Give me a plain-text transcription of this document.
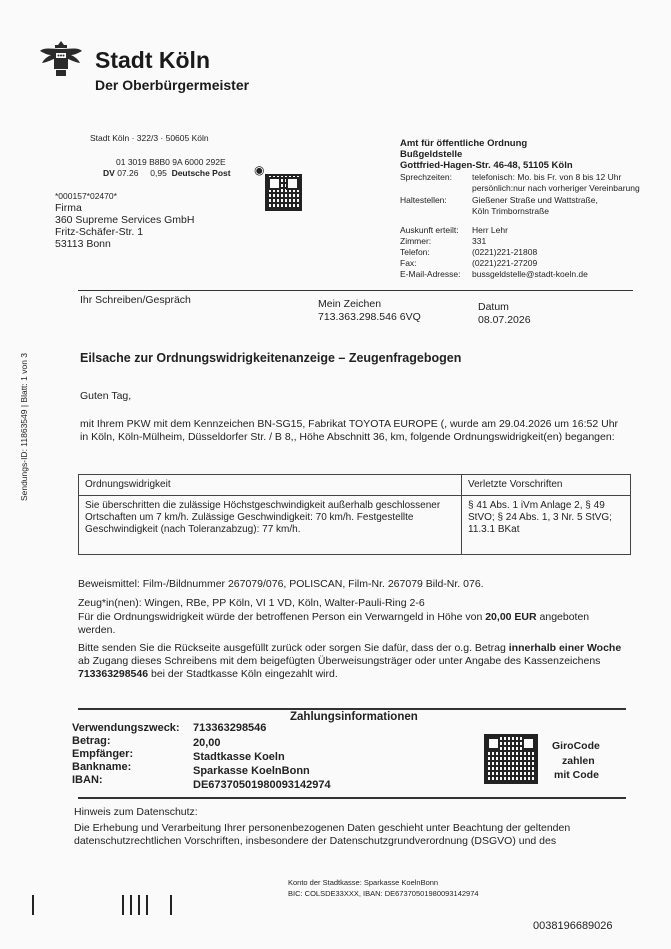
Stadt Köln
Der Oberbürgermeister
Sendungs-ID: 11863549 | Blatt: 1 von 3
Stadt Köln · 322/3 · 50605 Köln
01 3019 B8B0 9A 6000 292E
DV 07.26 0,95 Deutsche Post ◉
*000157*02470*
Firma
360 Supreme Services GmbH
Fritz-Schäfer-Str. 1
53113 Bonn
Amt für öffentliche Ordnung
Bußgeldstelle
Gottfried-Hagen-Str. 46-48, 51105 Köln
Sprechzeiten: telefonisch: Mo. bis Fr. von 8 bis 12 Uhr
persönlich:nur nach vorheriger Vereinbarung
Haltestellen:	Gießener Straße und Wattstraße,
Köln Trimbornstraße
Auskunft erteilt: Herr Lehr
Zimmer:	331
Telefon:	(0221)221-21808
Fax:	(0221)221-27209
E-Mail-Adresse: bussgeldstelle@stadt-koeln.de
Ihr Schreiben/Gespräch	Mein Zeichen
713.363.298.546 6VQ
Datum
08.07.2026
Eilsache zur Ordnungswidrigkeitenanzeige – Zeugenfragebogen
Guten Tag,
mit Ihrem PKW mit dem Kennzeichen BN-SG15, Fabrikat TOYOTA EUROPE (, wurde am 29.04.2026 um 16:52 Uhr in Köln, Köln-Mülheim, Düsseldorfer Str. / B 8,, Höhe Abschnitt 36, km, folgende Ordnungswidrigkeit(en) begangen:
Ordnungswidrigkeit	Verletzte Vorschriften
Sie überschritten die zulässige Höchstgeschwindigkeit außerhalb geschlossener Ortschaften um 7 km/h. Zulässige Geschwindigkeit: 70 km/h. Festgestellte Geschwindigkeit (nach Toleranzabzug): 77 km/h.	§ 41 Abs. 1 iVm Anlage 2, § 49 StVO; § 24 Abs. 1, 3 Nr. 5 StVG; 11.3.1 BKat
Beweismittel: Film-/Bildnummer 267079/076, POLISCAN, Film-Nr. 267079 Bild-Nr. 076.
Zeug*in(nen): Wingen, RBe, PP Köln, VI 1 VD, Köln, Walter-Pauli-Ring 2-6
Für die Ordnungswidrigkeit würde der betroffenen Person ein Verwarngeld in Höhe von 20,00 EUR angeboten werden.
Bitte senden Sie die Rückseite ausgefüllt zurück oder sorgen Sie dafür, dass der o.g. Betrag innerhalb einer Woche ab Zugang dieses Schreibens mit dem beigefügten Überweisungsträger oder unter Angabe des Kassenzeichens 713363298546 bei der Stadtkasse Köln eingezahlt wird.
Zahlungsinformationen
Verwendungszweck: 713363298546
Betrag:	20,00
Empfänger:	Stadtkasse Koeln
Bankname:	Sparkasse KoelnBonn
IBAN:	DE67370501980093142974
GiroCode
zahlen
mit Code
Hinweis zum Datenschutz:
Die Erhebung und Verarbeitung Ihrer personenbezogenen Daten geschieht unter Beachtung der geltenden datenschutzrechtlichen Vorschriften, insbesondere der Datenschutzgrundverordnung (DSGVO) und des
Konto der Stadtkasse: Sparkasse KoelnBonn
BIC: COLSDE33XXX, IBAN: DE67370501980093142974
0038196689026
